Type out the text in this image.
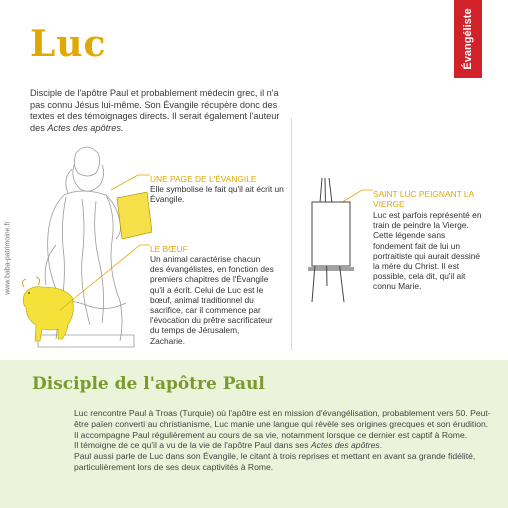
Luc	Évangéliste
Disciple de l'apôtre Paul et probablement médecin grec, il n'a pas connu Jésus lui-même. Son Évangile récupère donc des textes et des témoignages directs. Il serait également l'auteur des Actes des apôtres.
www.baba-patrimoine.fr
UNE PAGE DE L'ÉVANGILE
Elle symbolise le fait qu'il ait écrit un Évangile.
LE BŒUF
Un animal caractérise chacun des évangélistes, en fonction des premiers chapitres de l'Évangile qu'il a écrit. Celui de Luc est le bœuf, animal traditionnel du sacrifice, car il commence par l'évocation du prêtre sacrificateur du temps de Jérusalem, Zacharie.
SAINT LUC PEIGNANT LA VIERGE
Luc est parfois représenté en train de peindre la Vierge. Cette légende sans fondement fait de lui un portraitiste qui aurait dessiné la mère du Christ. Il est possible, cela dit, qu'il ait connu Marie.
Disciple de l'apôtre Paul

Luc rencontre Paul à Troas (Turquie) où l'apôtre est en mission d'évangélisation, probablement vers 50. Peut-être païen converti au christianisme, Luc manie une langue qui révèle ses origines grecques et son érudition. Il accompagne Paul régulièrement au cours de sa vie, notamment lorsque ce dernier est captif à Rome.

Il témoigne de ce qu'il a vu de la vie de l'apôtre Paul dans ses Actes des apôtres.

Paul aussi parle de Luc dans son Évangile, le citant à trois reprises et mettant en avant sa grande fidélité, particulièrement lors de ses deux captivités à Rome.
